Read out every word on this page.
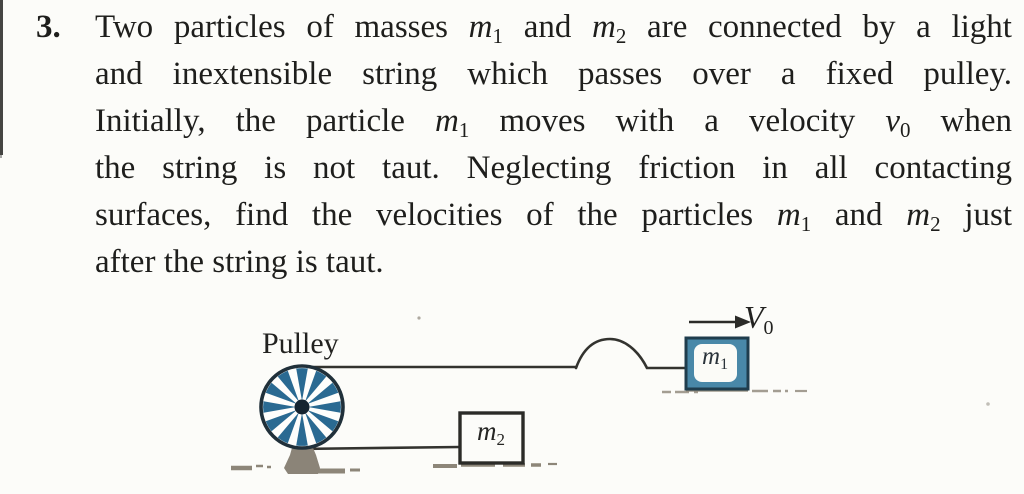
3. Two particles of masses $m_1$ and $m_2$ are connected by a light
and inextensible string which passes over a fixed pulley.
Initially, the particle $m_1$ moves with a velocity $v_0$ when
the string is not taut. Neglecting friction in all contacting
surfaces, find the velocities of the particles $m_1$ and $m_2$ just
after the string is taut.
Pulley	$m_1$
$m_2$
$V_0$
